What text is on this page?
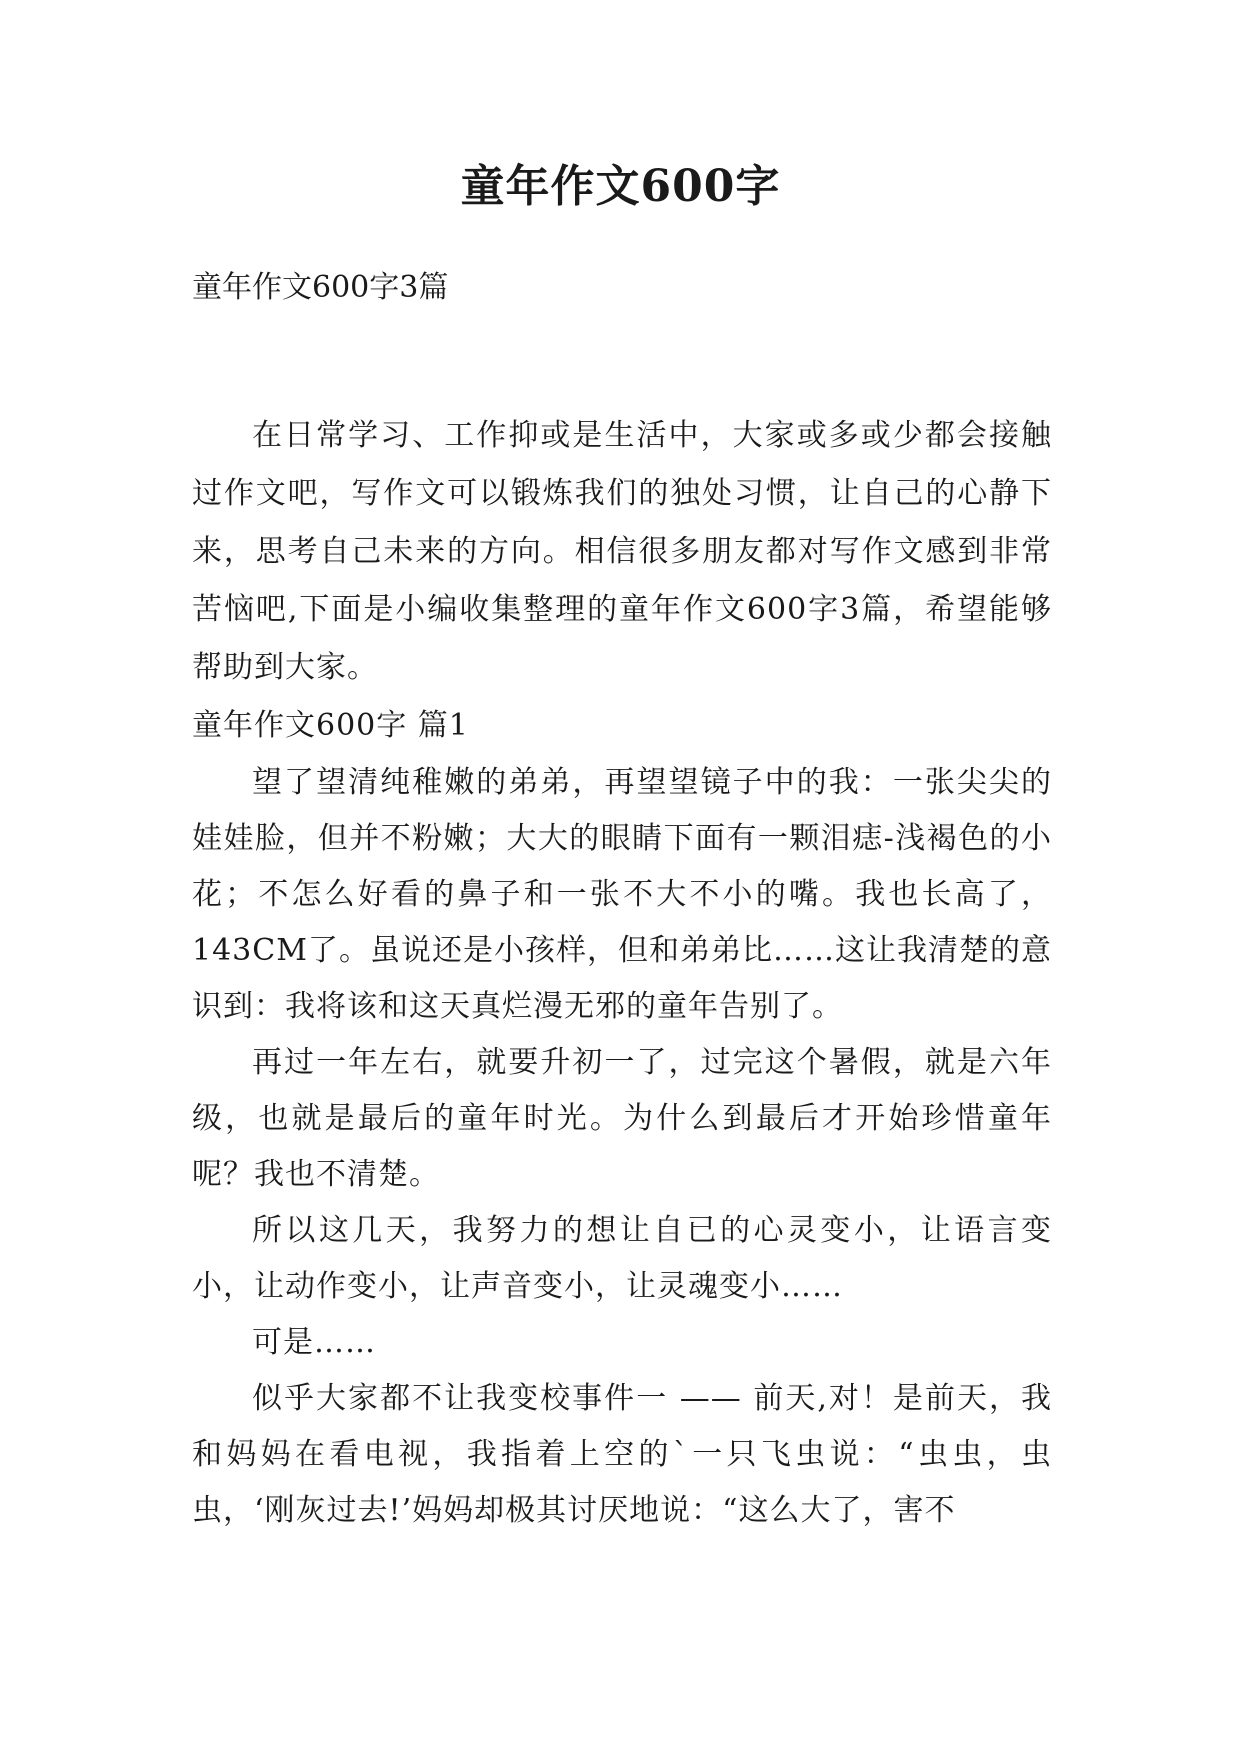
童年作文600字

童年作文600字3篇

在日常学习、工作抑或是生活中，大家或多或少都会接触过作文吧，写作文可以锻炼我们的独处习惯，让自己的心静下来，思考自己未来的方向。相信很多朋友都对写作文感到非常苦恼吧,下面是小编收集整理的童年作文600字3篇，希望能够帮助到大家。

童年作文600字 篇1

望了望清纯稚嫩的弟弟，再望望镜子中的我：一张尖尖的娃娃脸，但并不粉嫩；大大的眼睛下面有一颗泪痣-浅褐色的小花；不怎么好看的鼻子和一张不大不小的嘴。我也长高了，143CM了。虽说还是小孩样，但和弟弟比……这让我清楚的意识到：我将该和这天真烂漫无邪的童年告别了。

再过一年左右，就要升初一了，过完这个暑假，就是六年级，也就是最后的童年时光。为什么到最后才开始珍惜童年呢？我也不清楚。

所以这几天，我努力的想让自已的心灵变小，让语言变小，让动作变小，让声音变小，让灵魂变小……

可是……

似乎大家都不让我变校事件一 —— 前天,对！是前天，我和妈妈在看电视，我指着上空的`一只飞虫说：“虫虫，虫虫，‘刚灰过去!’妈妈却极其讨厌地说：“这么大了，害不
